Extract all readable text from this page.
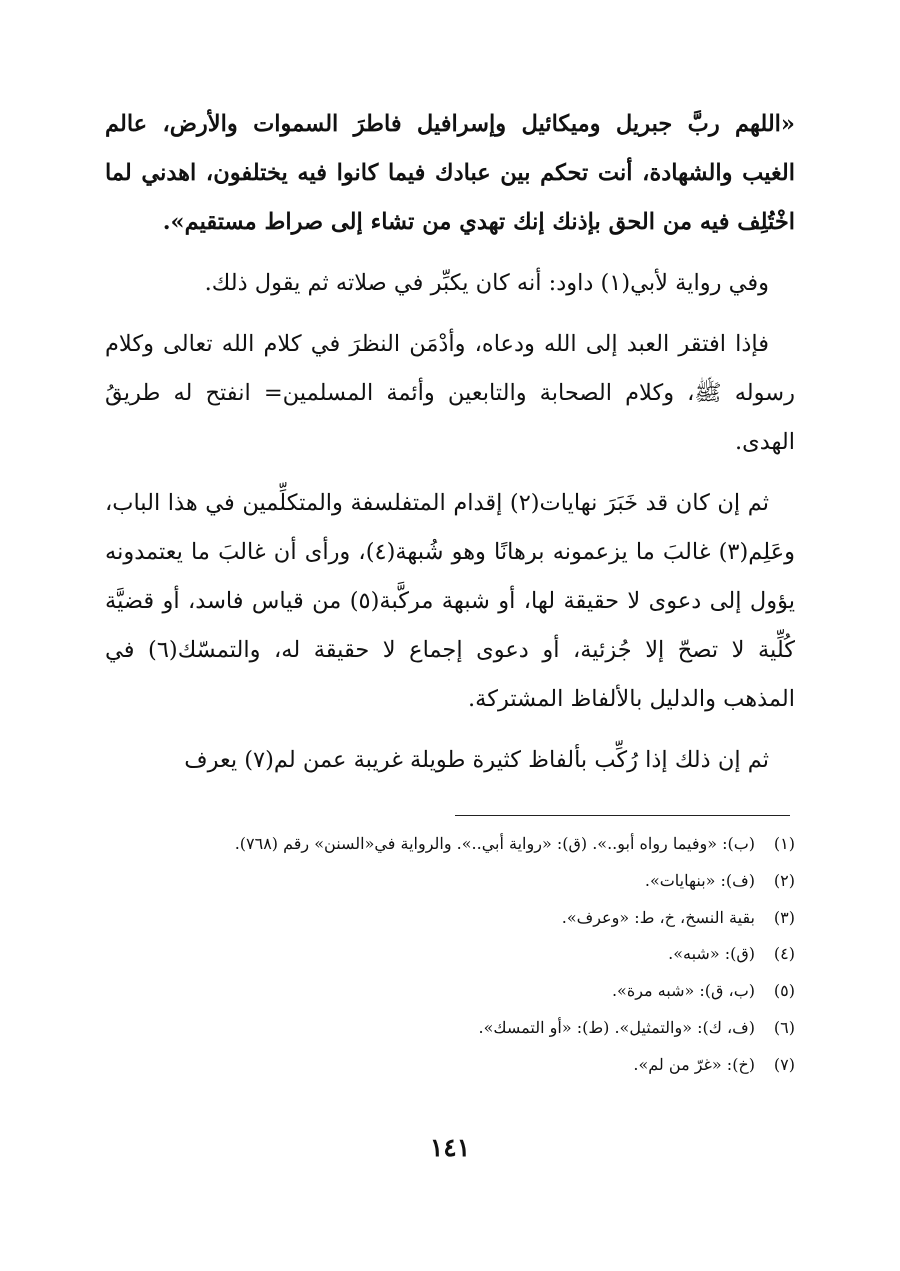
«اللهم ربَّ جبريل وميكائيل وإسرافيل فاطرَ السموات والأرض، عالم الغيب والشهادة، أنت تحكم بين عبادك فيما كانوا فيه يختلفون، اهدني لما اخْتُلِف فيه من الحق بإذنك إنك تهدي من تشاء إلى صراط مستقيم».

وفي رواية لأبي(١) داود: أنه كان يكبِّر في صلاته ثم يقول ذلك.

فإذا افتقر العبد إلى الله ودعاه، وأدْمَن النظرَ في كلام الله تعالى وكلام رسوله ﷺ، وكلام الصحابة والتابعين وأئمة المسلمين= انفتح له طريقُ الهدى.

ثم إن كان قد خَبَرَ نهايات(٢) إقدام المتفلسفة والمتكلِّمين في هذا الباب، وعَلِم(٣) غالبَ ما يزعمونه برهانًا وهو شُبهة(٤)، ورأى أن غالبَ ما يعتمدونه يؤول إلى دعوى لا حقيقة لها، أو شبهة مركَّبة(٥) من قياس فاسد، أو قضيَّة كُلِّية لا تصحّ إلا جُزئية، أو دعوى إجماع لا حقيقة له، والتمسّك(٦) في المذهب والدليل بالألفاظ المشتركة.

ثم إن ذلك إذا رُكِّب بألفاظ كثيرة طويلة غريبة عمن لم(٧) يعرف

(١)(ب): «وفيما رواه أبو..». (ق): «رواية أبي..». والرواية في«السنن» رقم (٧٦٨).
(٢)(ف): «بنهايات».
(٣)بقية النسخ، خ، ط: «وعرف».
(٤)(ق): «شبه».
(٥)(ب، ق): «شبه مرة».
(٦)(ف، ك): «والتمثيل». (ط): «أو التمسك».
(٧)(خ): «غرّ من لم».
١٤١
